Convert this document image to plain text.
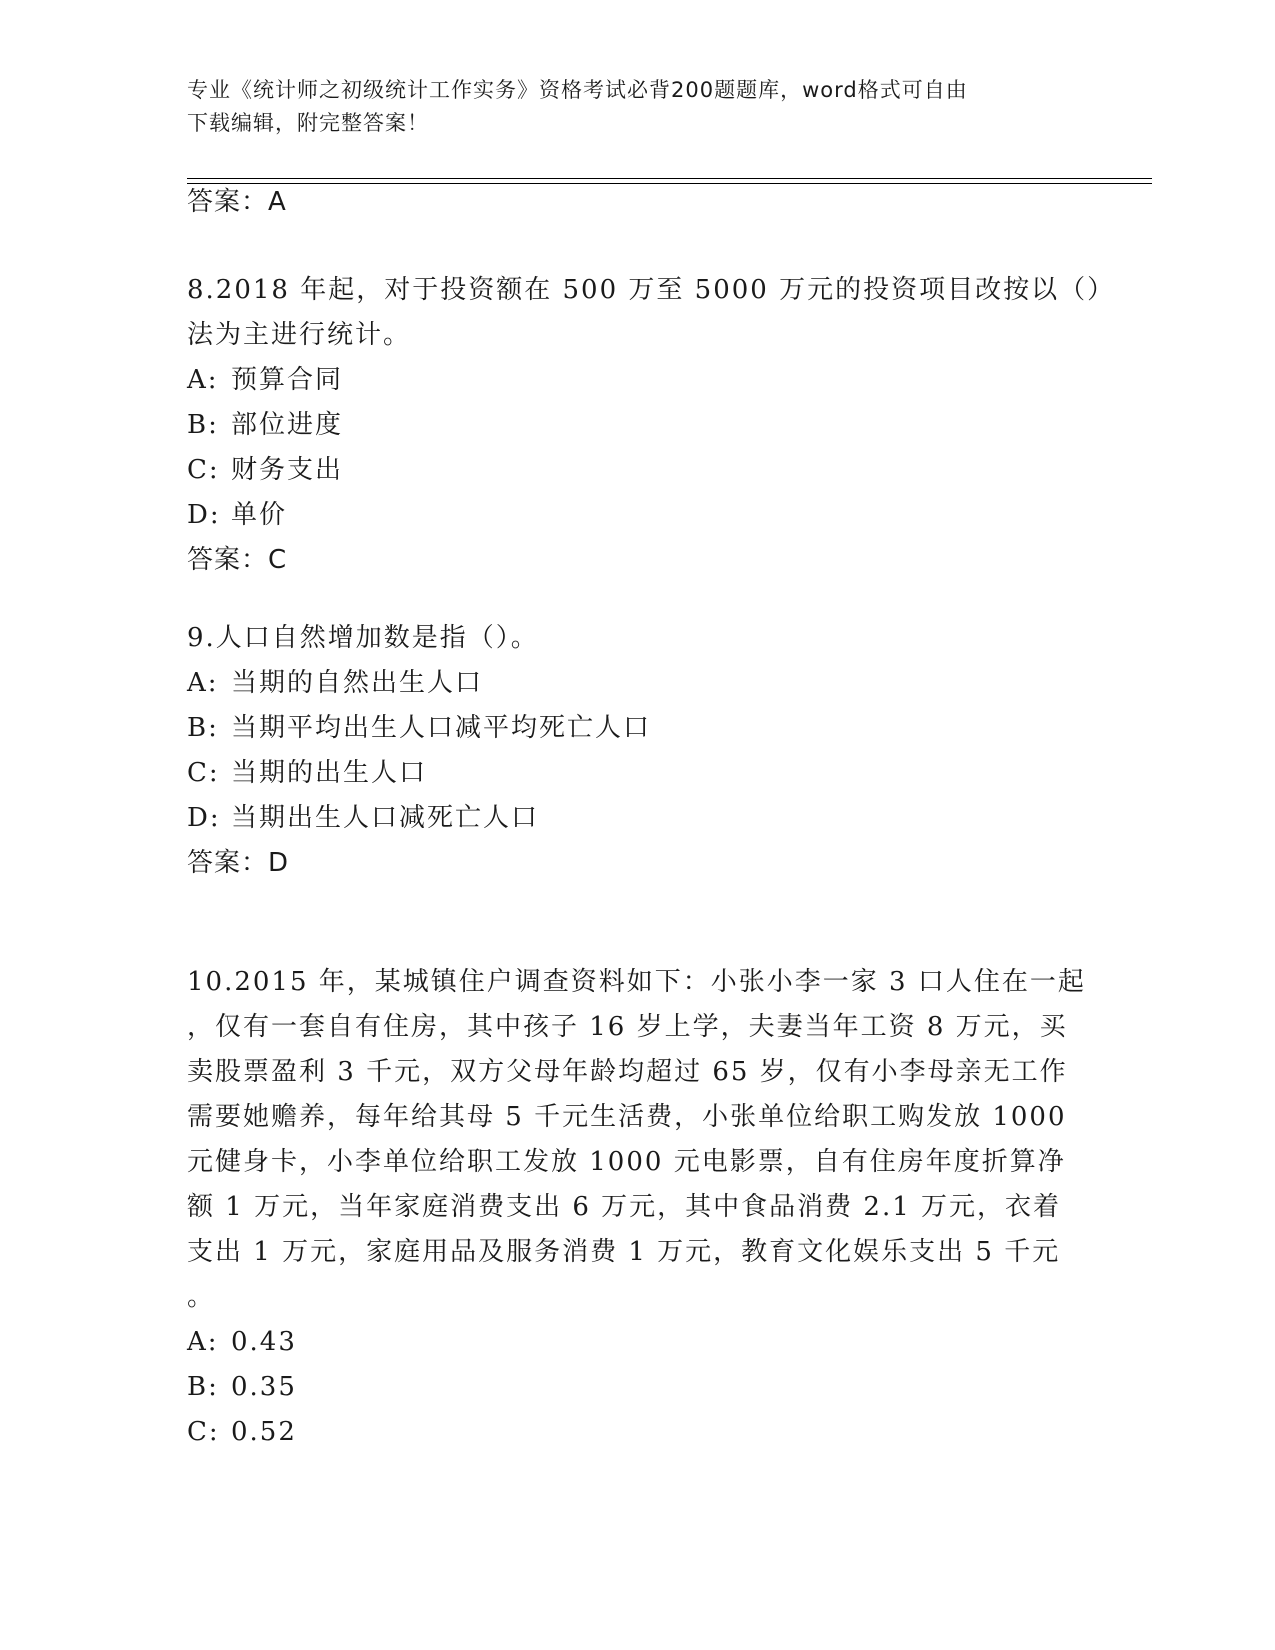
专业《统计师之初级统计工作实务》资格考试必背200题题库，word格式可自由
下载编辑，附完整答案！
答案：A
8.2018 年起，对于投资额在 500 万至 5000 万元的投资项目改按以（）
法为主进行统计。
A: 预算合同
B: 部位进度
C: 财务支出
D: 单价
答案：C
9.人口自然增加数是指（）。
A: 当期的自然出生人口
B: 当期平均出生人口减平均死亡人口
C: 当期的出生人口
D: 当期出生人口减死亡人口
答案：D
10.2015 年，某城镇住户调查资料如下：小张小李一家 3 口人住在一起
，仅有一套自有住房，其中孩子 16 岁上学，夫妻当年工资 8 万元，买
卖股票盈利 3 千元，双方父母年龄均超过 65 岁，仅有小李母亲无工作
需要她赡养，每年给其母 5 千元生活费，小张单位给职工购发放 1000
元健身卡，小李单位给职工发放 1000 元电影票，自有住房年度折算净
额 1 万元，当年家庭消费支出 6 万元，其中食品消费 2.1 万元，衣着
支出 1 万元，家庭用品及服务消费 1 万元，教育文化娱乐支出 5 千元
。
A: 0.43
B: 0.35
C: 0.52
